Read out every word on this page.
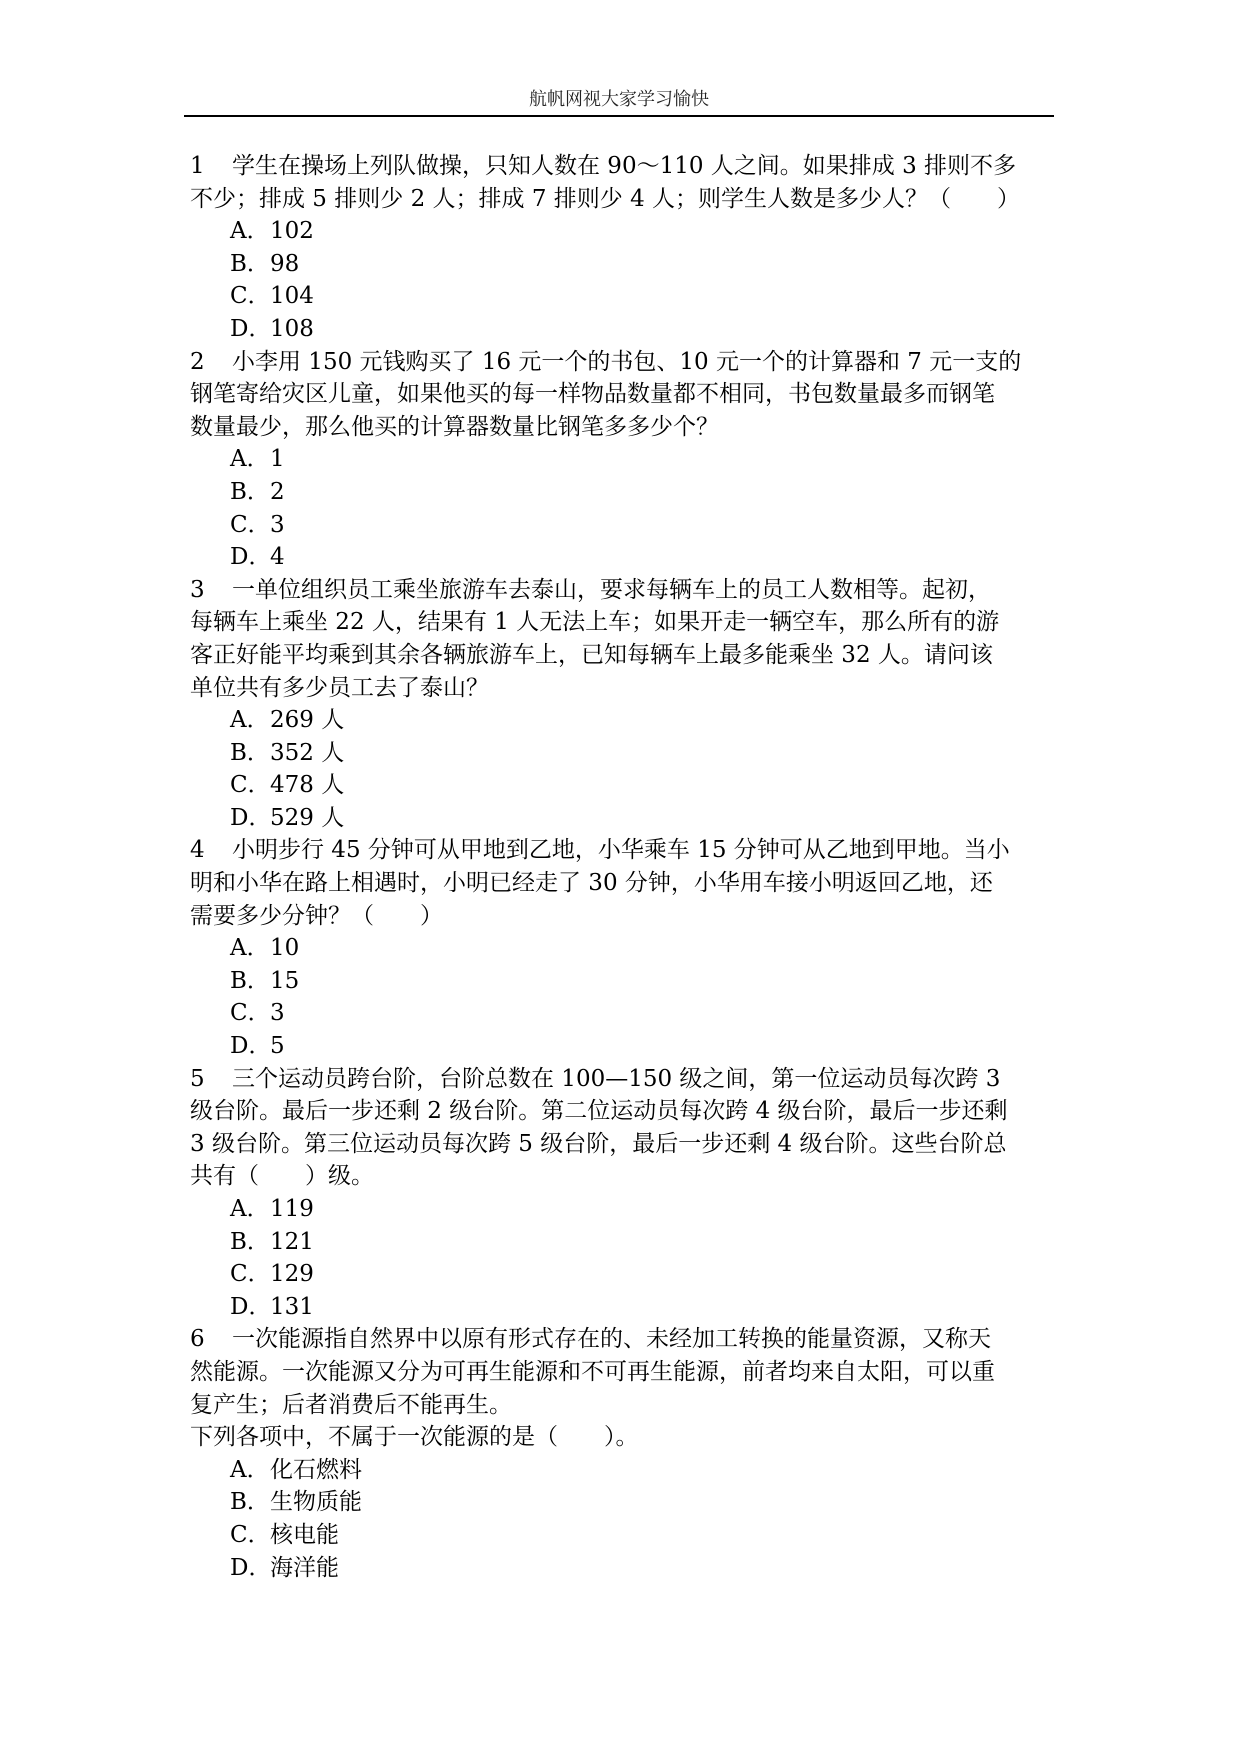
航帆网视大家学习愉快
1 学生在操场上列队做操，只知人数在 90～110 人之间。如果排成 3 排则不多
不少；排成 5 排则少 2 人；排成 7 排则少 4 人；则学生人数是多少人？（　　）
A．102
B．98
C．104
D．108
2 小李用 150 元钱购买了 16 元一个的书包、10 元一个的计算器和 7 元一支的
钢笔寄给灾区儿童，如果他买的每一样物品数量都不相同，书包数量最多而钢笔
数量最少，那么他买的计算器数量比钢笔多多少个？
A．1
B．2
C．3
D．4
3 一单位组织员工乘坐旅游车去泰山，要求每辆车上的员工人数相等。起初，
每辆车上乘坐 22 人，结果有 1 人无法上车；如果开走一辆空车，那么所有的游
客正好能平均乘到其余各辆旅游车上，已知每辆车上最多能乘坐 32 人。请问该
单位共有多少员工去了泰山？
A．269 人
B．352 人
C．478 人
D．529 人
4 小明步行 45 分钟可从甲地到乙地，小华乘车 15 分钟可从乙地到甲地。当小
明和小华在路上相遇时，小明已经走了 30 分钟，小华用车接小明返回乙地，还
需要多少分钟？（　　）
A．10
B．15
C．3
D．5
5 三个运动员跨台阶，台阶总数在 100—150 级之间，第一位运动员每次跨 3
级台阶。最后一步还剩 2 级台阶。第二位运动员每次跨 4 级台阶，最后一步还剩
3 级台阶。第三位运动员每次跨 5 级台阶，最后一步还剩 4 级台阶。这些台阶总
共有（　　）级。
A．119
B．121
C．129
D．131
6 一次能源指自然界中以原有形式存在的、未经加工转换的能量资源，又称天
然能源。一次能源又分为可再生能源和不可再生能源，前者均来自太阳，可以重
复产生；后者消费后不能再生。
下列各项中，不属于一次能源的是（　　）。
A．化石燃料
B．生物质能
C．核电能
D．海洋能
